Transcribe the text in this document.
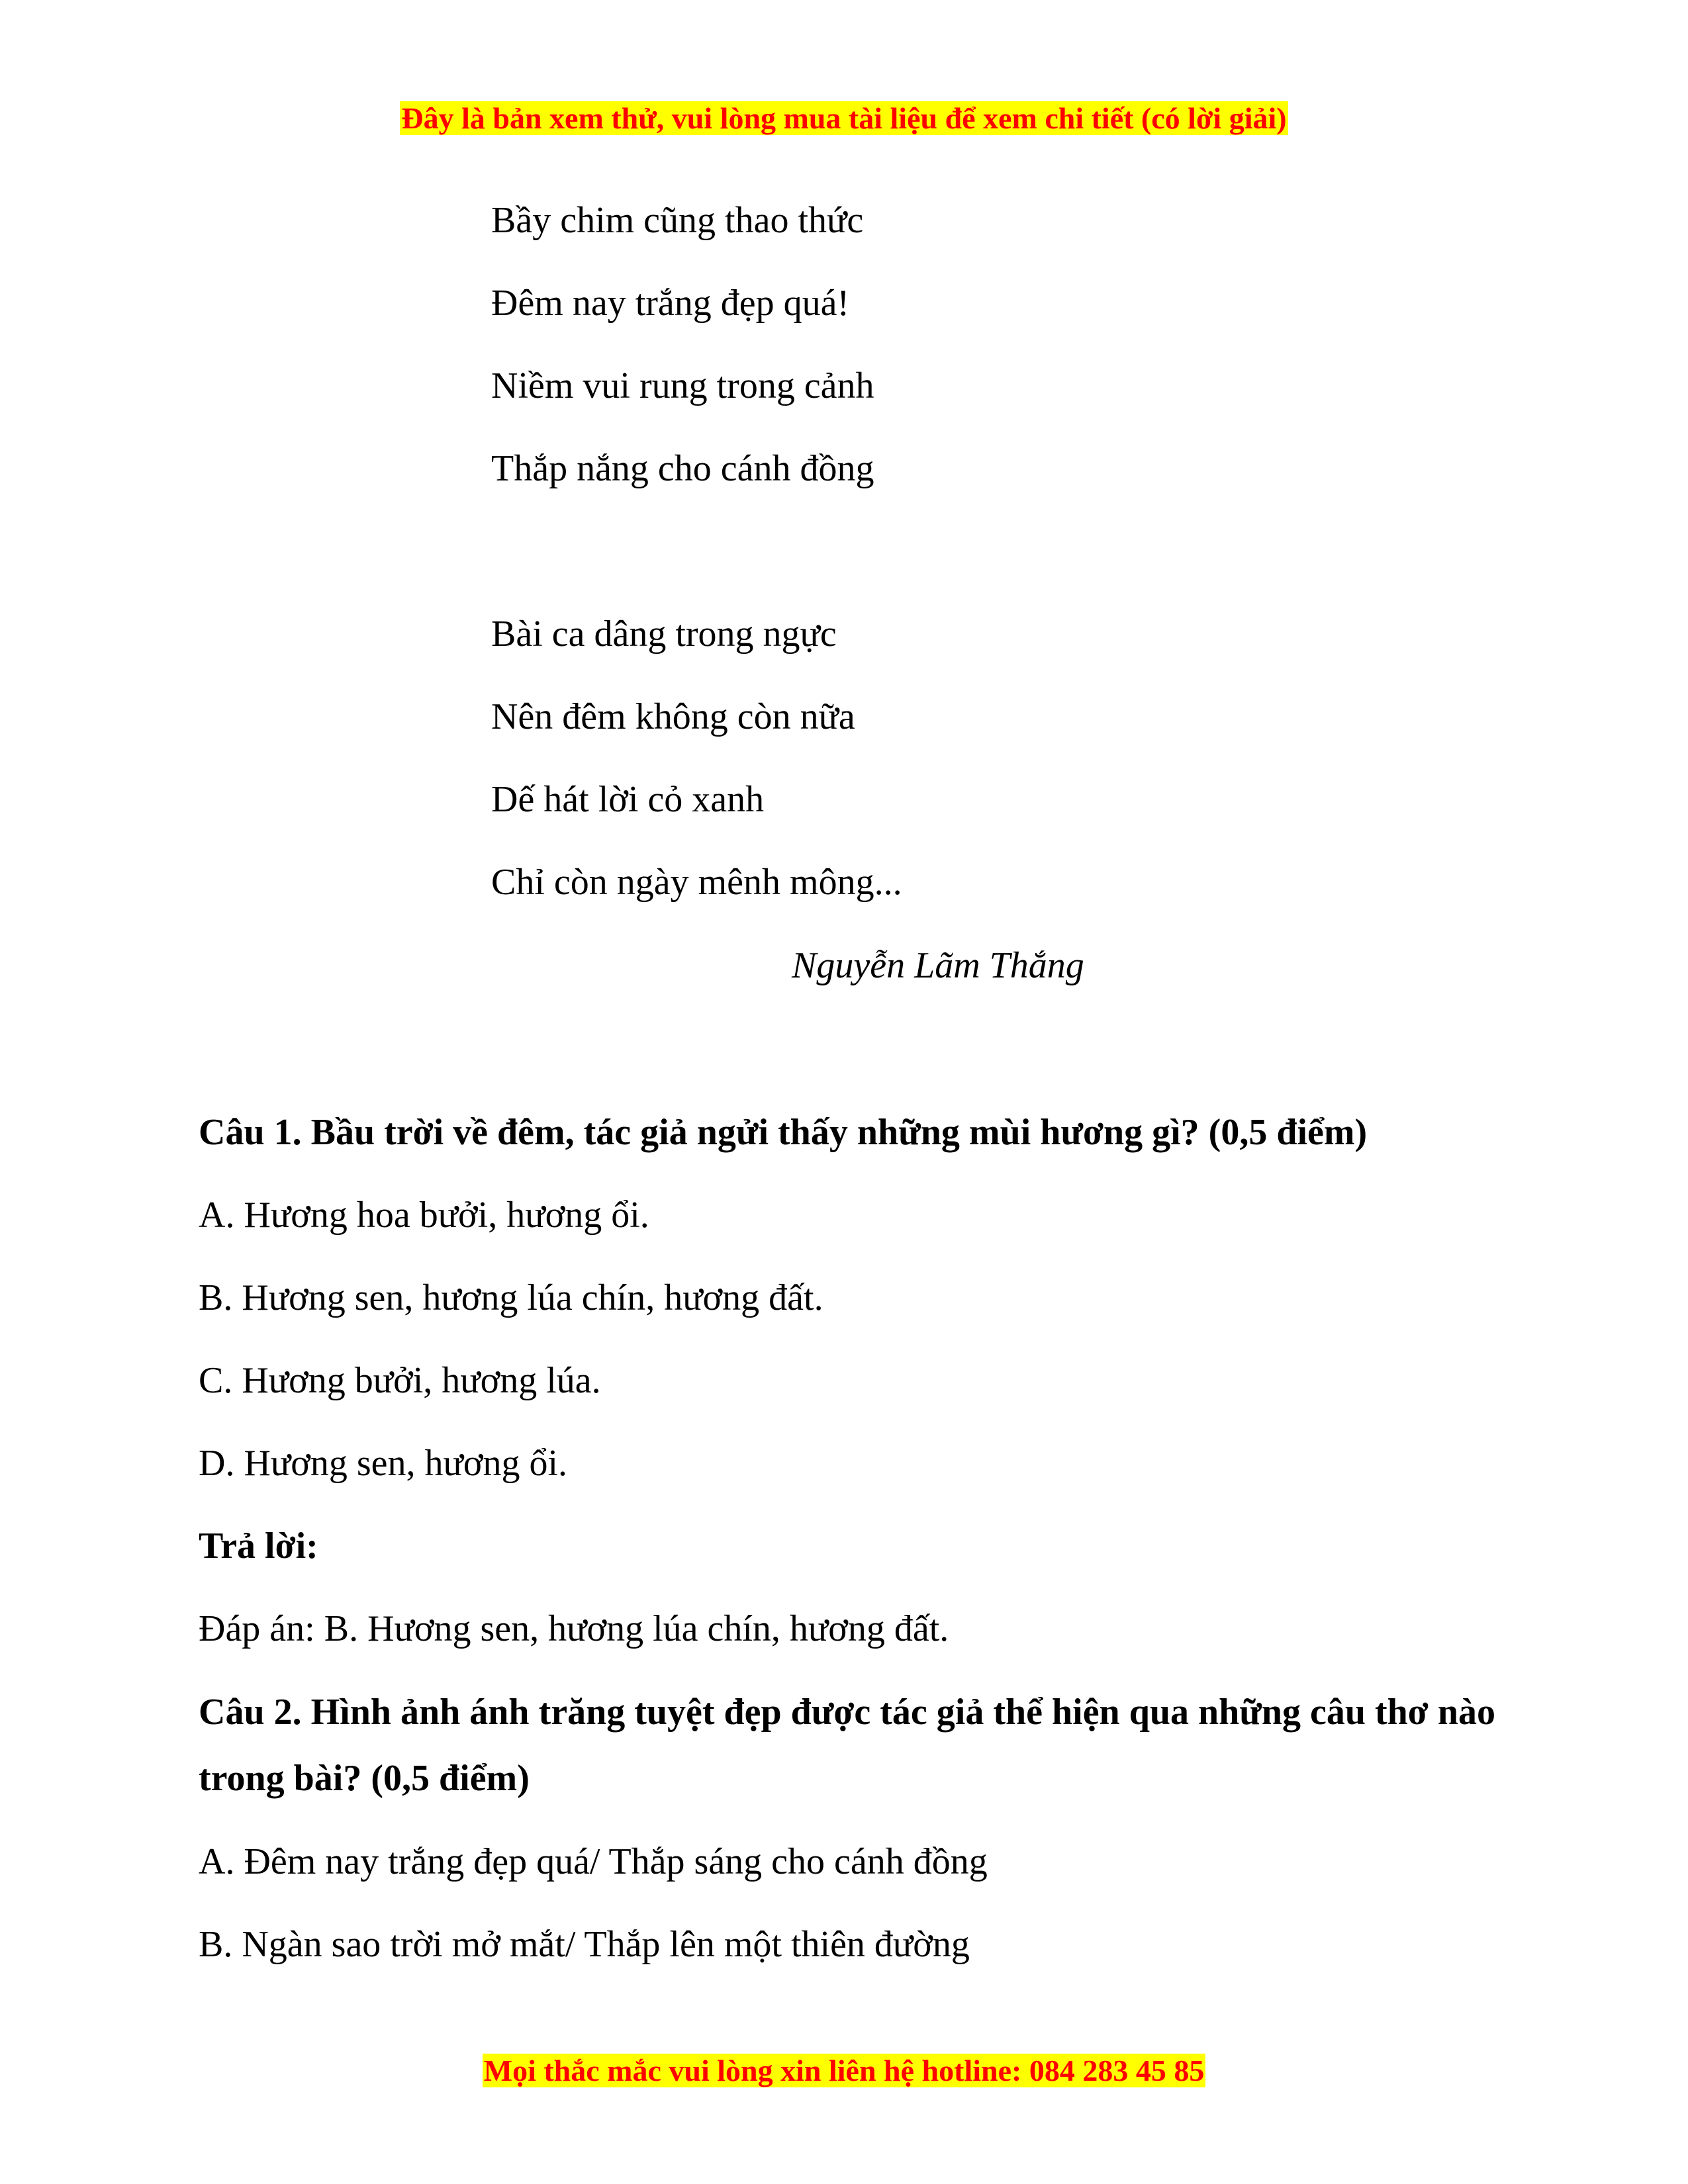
Đây là bản xem thử, vui lòng mua tài liệu để xem chi tiết (có lời giải)
Bầy chim cũng thao thức
Đêm nay trắng đẹp quá!
Niềm vui rung trong cảnh
Thắp nắng cho cánh đồng
Bài ca dâng trong ngực
Nên đêm không còn nữa
Dế hát lời cỏ xanh
Chỉ còn ngày mênh mông...
Nguyễn Lãm Thắng
Câu 1. Bầu trời về đêm, tác giả ngửi thấy những mùi hương gì? (0,5 điểm)
A. Hương hoa bưởi, hương ổi.
B. Hương sen, hương lúa chín, hương đất.
C. Hương bưởi, hương lúa.
D. Hương sen, hương ổi.
Trả lời:
Đáp án: B. Hương sen, hương lúa chín, hương đất.
Câu 2. Hình ảnh ánh trăng tuyệt đẹp được tác giả thể hiện qua những câu thơ nào trong bài? (0,5 điểm)
A. Đêm nay trắng đẹp quá/ Thắp sáng cho cánh đồng
B. Ngàn sao trời mở mắt/ Thắp lên một thiên đường
Mọi thắc mắc vui lòng xin liên hệ hotline: 084 283 45 85
